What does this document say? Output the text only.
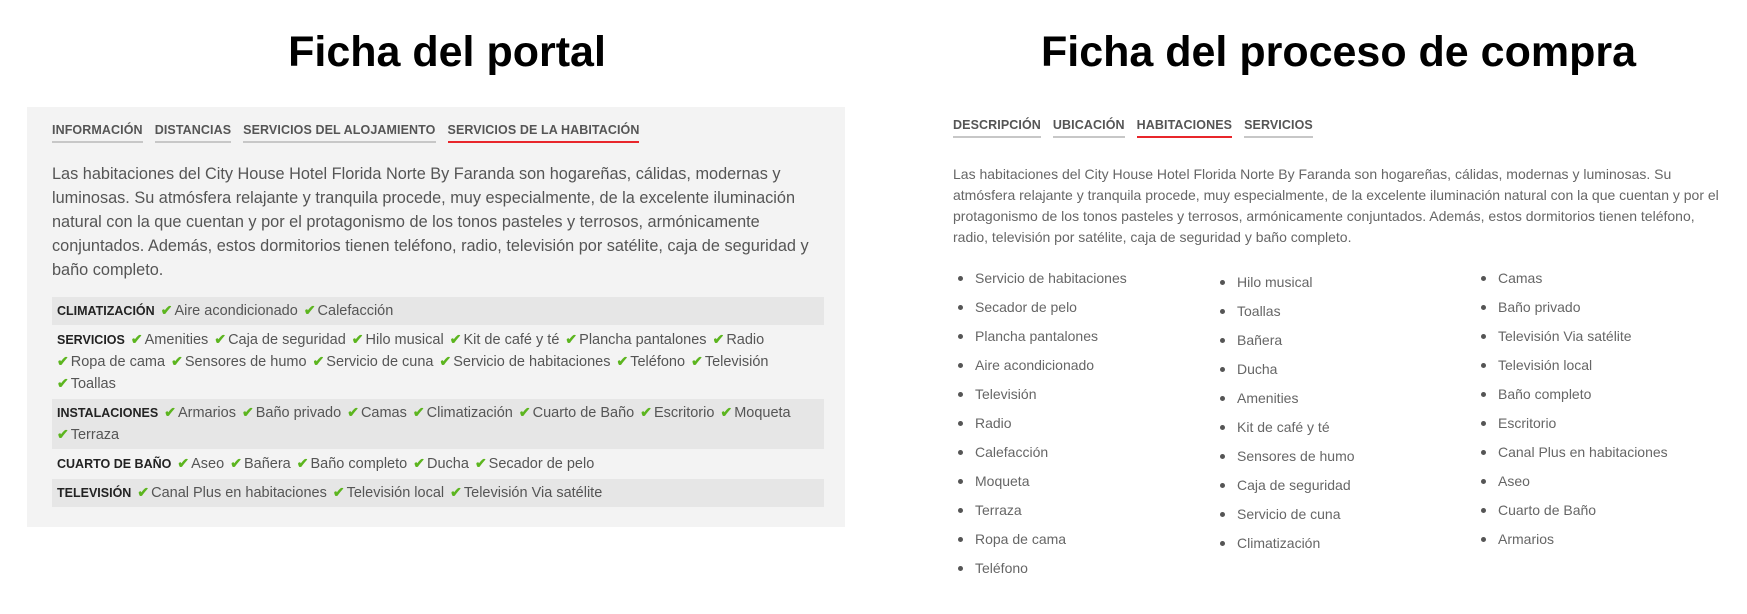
Ficha del portal	Ficha del proceso de compra
INFORMACIÓN DISTANCIAS SERVICIOS DEL ALOJAMIENTO SERVICIOS DE LA HABITACIÓN

Las habitaciones del City House Hotel Florida Norte By Faranda son hogareñas, cálidas, modernas y luminosas. Su atmósfera relajante y tranquila procede, muy especialmente, de la excelente iluminación natural con la que cuentan y por el protagonismo de los tonos pasteles y terrosos, armónicamente conjuntados. Además, estos dormitorios tienen teléfono, radio, televisión por satélite, caja de seguridad y baño completo.

CLIMATIZACIÓN ✔ Aire acondicionado ✔ Calefacción
SERVICIOS ✔ Amenities ✔ Caja de seguridad ✔ Hilo musical ✔ Kit de café y té ✔ Plancha pantalones ✔ Radio ✔ Ropa de cama ✔ Sensores de humo ✔ Servicio de cuna ✔ Servicio de habitaciones ✔ Teléfono ✔ Televisión ✔ Toallas
INSTALACIONES ✔ Armarios ✔ Baño privado ✔ Camas ✔ Climatización ✔ Cuarto de Baño ✔ Escritorio ✔ Moqueta ✔ Terraza
CUARTO DE BAÑO ✔ Aseo ✔ Bañera ✔ Baño completo ✔ Ducha ✔ Secador de pelo
TELEVISIÓN ✔ Canal Plus en habitaciones ✔ Televisión local ✔ Televisión Via satélite
DESCRIPCIÓN UBICACIÓN HABITACIONES SERVICIOS

Las habitaciones del City House Hotel Florida Norte By Faranda son hogareñas, cálidas, modernas y luminosas. Su atmósfera relajante y tranquila procede, muy especialmente, de la excelente iluminación natural con la que cuentan y por el protagonismo de los tonos pasteles y terrosos, armónicamente conjuntados. Además, estos dormitorios tienen teléfono, radio, televisión por satélite, caja de seguridad y baño completo.

Servicio de habitaciones
Secador de pelo
Plancha pantalones
Aire acondicionado
Televisión
Radio
Calefacción
Moqueta
Terraza
Ropa de cama
Teléfono
Hilo musical
Toallas
Bañera
Ducha
Amenities
Kit de café y té
Sensores de humo
Caja de seguridad
Servicio de cuna
Climatización
Camas
Baño privado
Televisión Via satélite
Televisión local
Baño completo
Escritorio
Canal Plus en habitaciones
Aseo
Cuarto de Baño
Armarios
